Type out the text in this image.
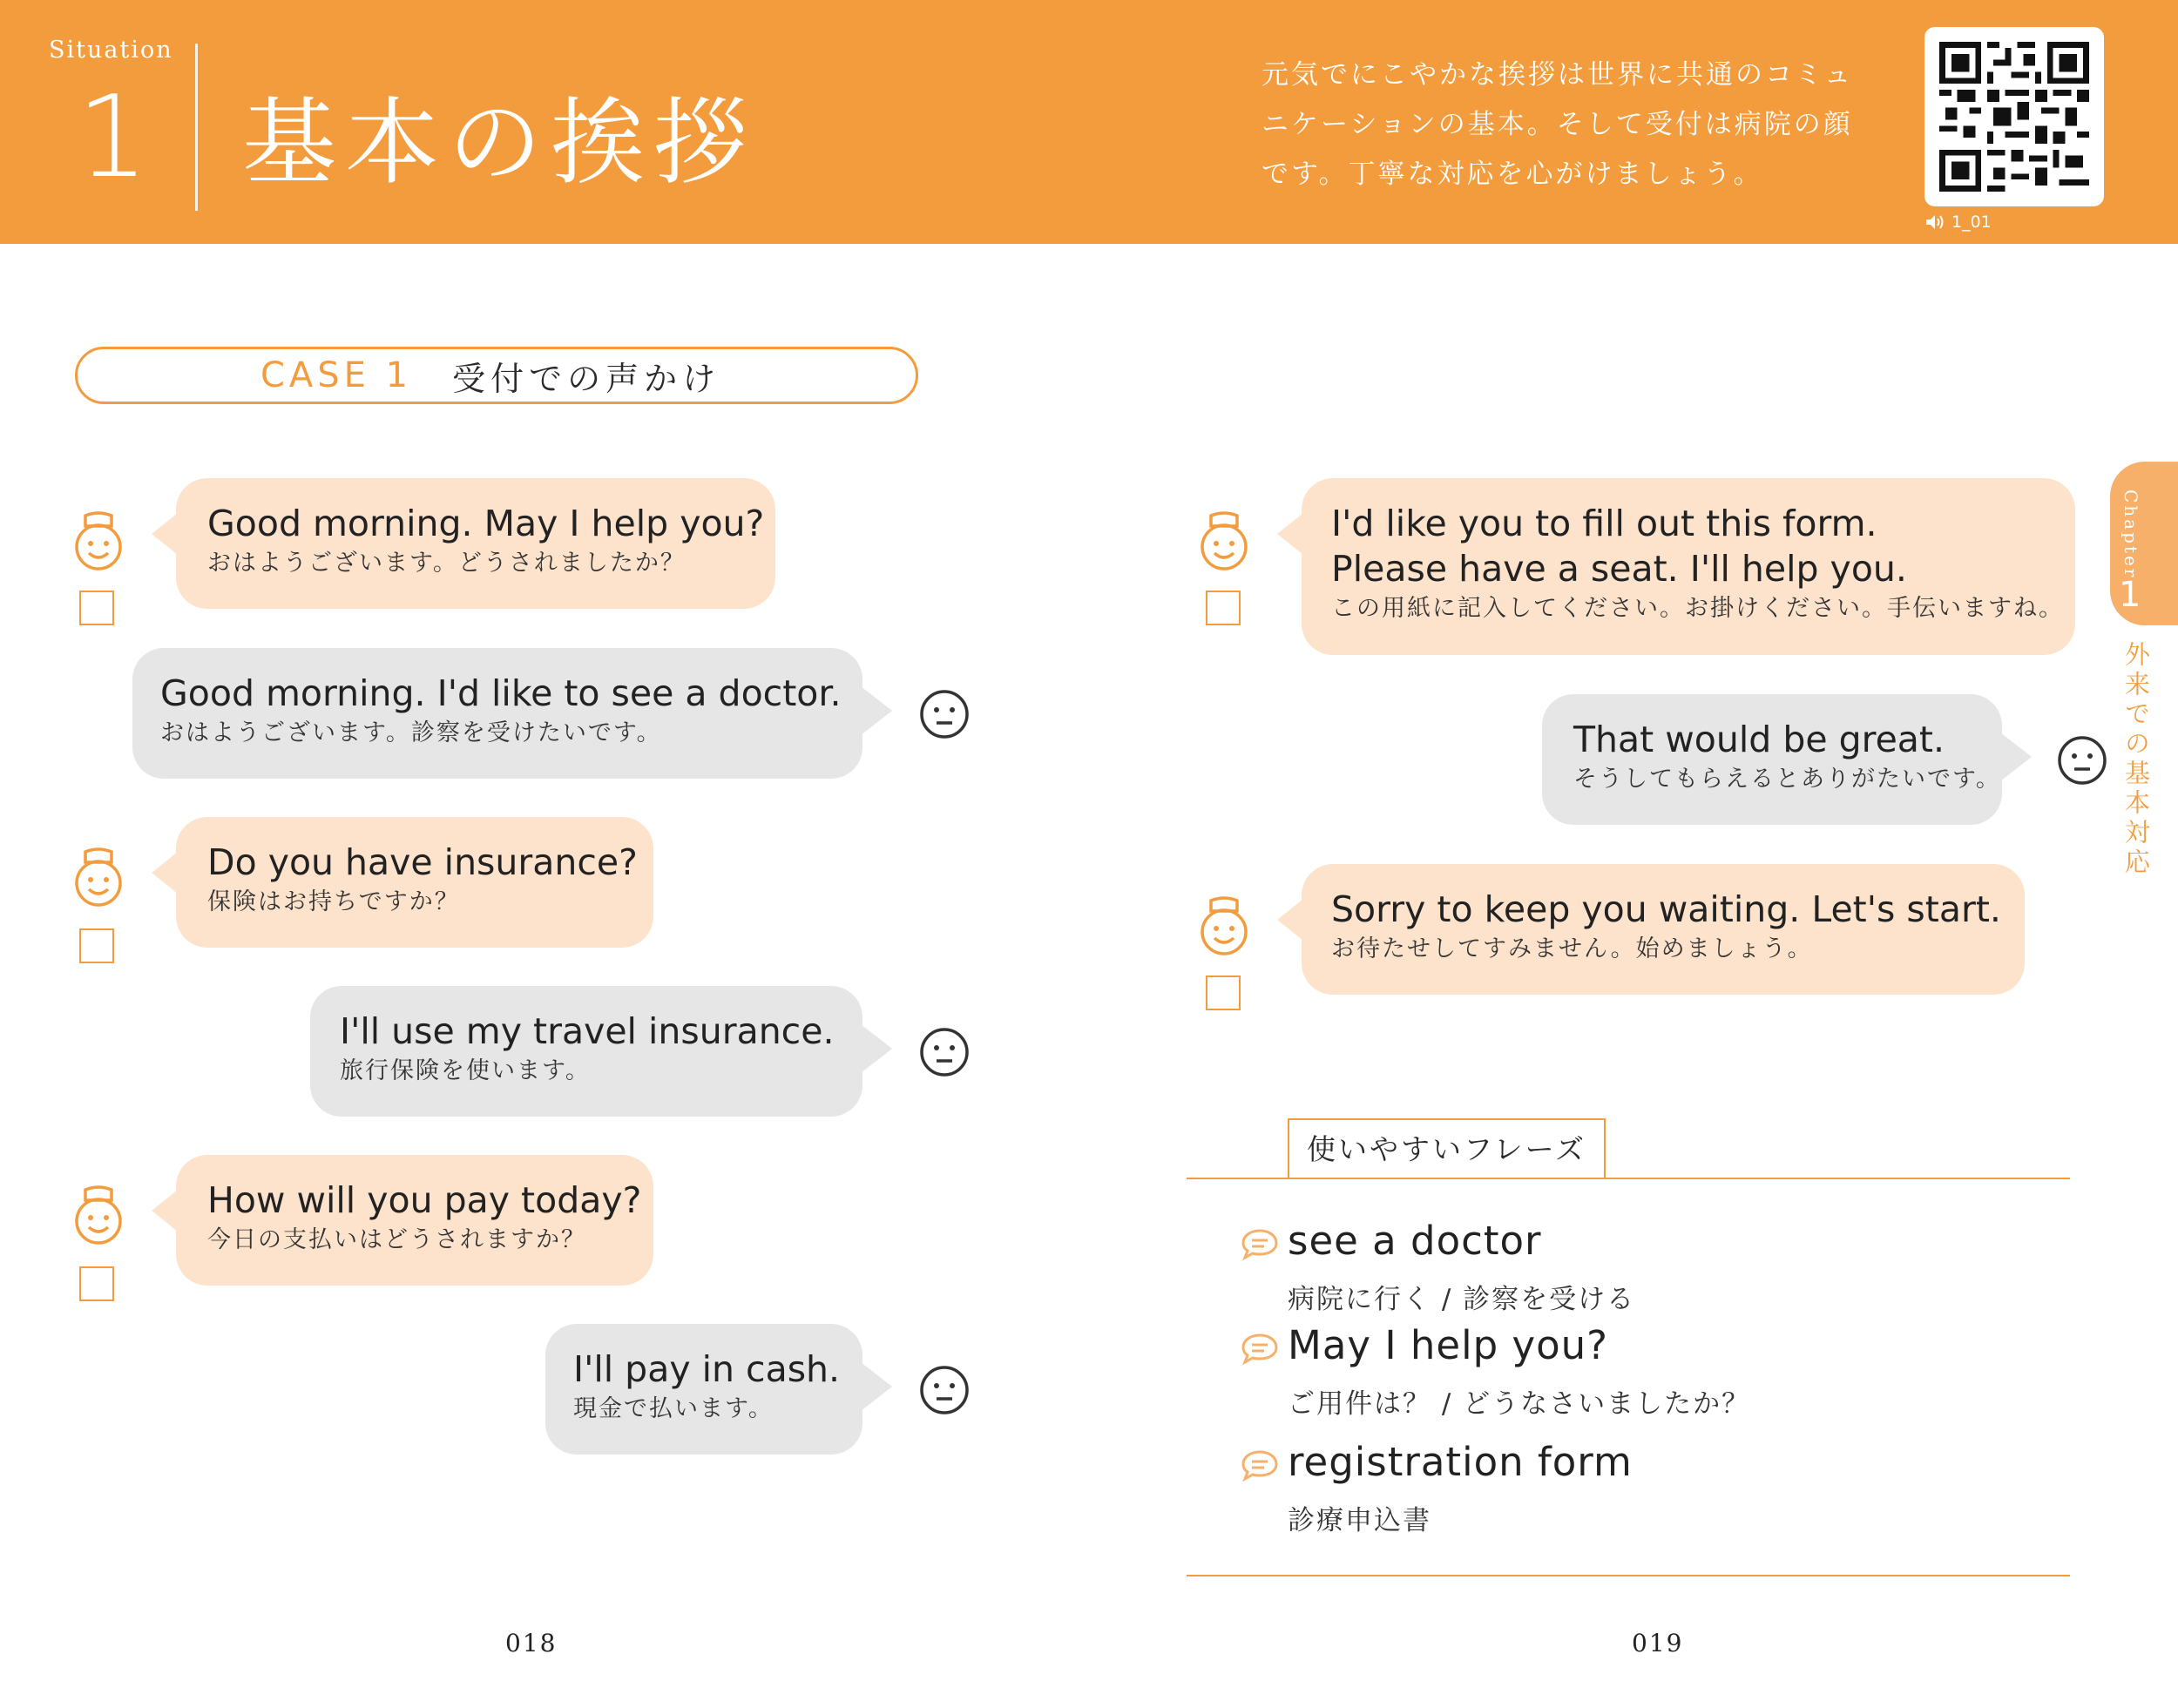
Situation
1 基本の挨拶
元気でにこやかな挨拶は世界に共通のコミュ
ニケーションの基本。そして受付は病院の顔
です。丁寧な対応を心がけましょう。
1_01
CASE 1 受付での声かけ
Good morning. May I help you?
おはようございます。どうされましたか？
Good morning. I'd like to see a doctor.
おはようございます。診察を受けたいです。
Do you have insurance?
保険はお持ちですか？
I'll use my travel insurance.
旅行保険を使います。
How will you pay today?
今日の支払いはどうされますか？
I'll pay in cash.
現金で払います。
I'd like you to fill out this form.
Please have a seat. I'll help you.
この用紙に記入してください。お掛けください。手伝いますね。
That would be great.
そうしてもらえるとありがたいです。
Sorry to keep you waiting. Let's start.
お待たせしてすみません。始めましょう。
使いやすいフレーズ
see a doctor
病院に行く / 診察を受ける
May I help you?
ご用件は？ / どうなさいましたか？
registration form
診療申込書
018	019
Chapter
1
外来での基本対応
